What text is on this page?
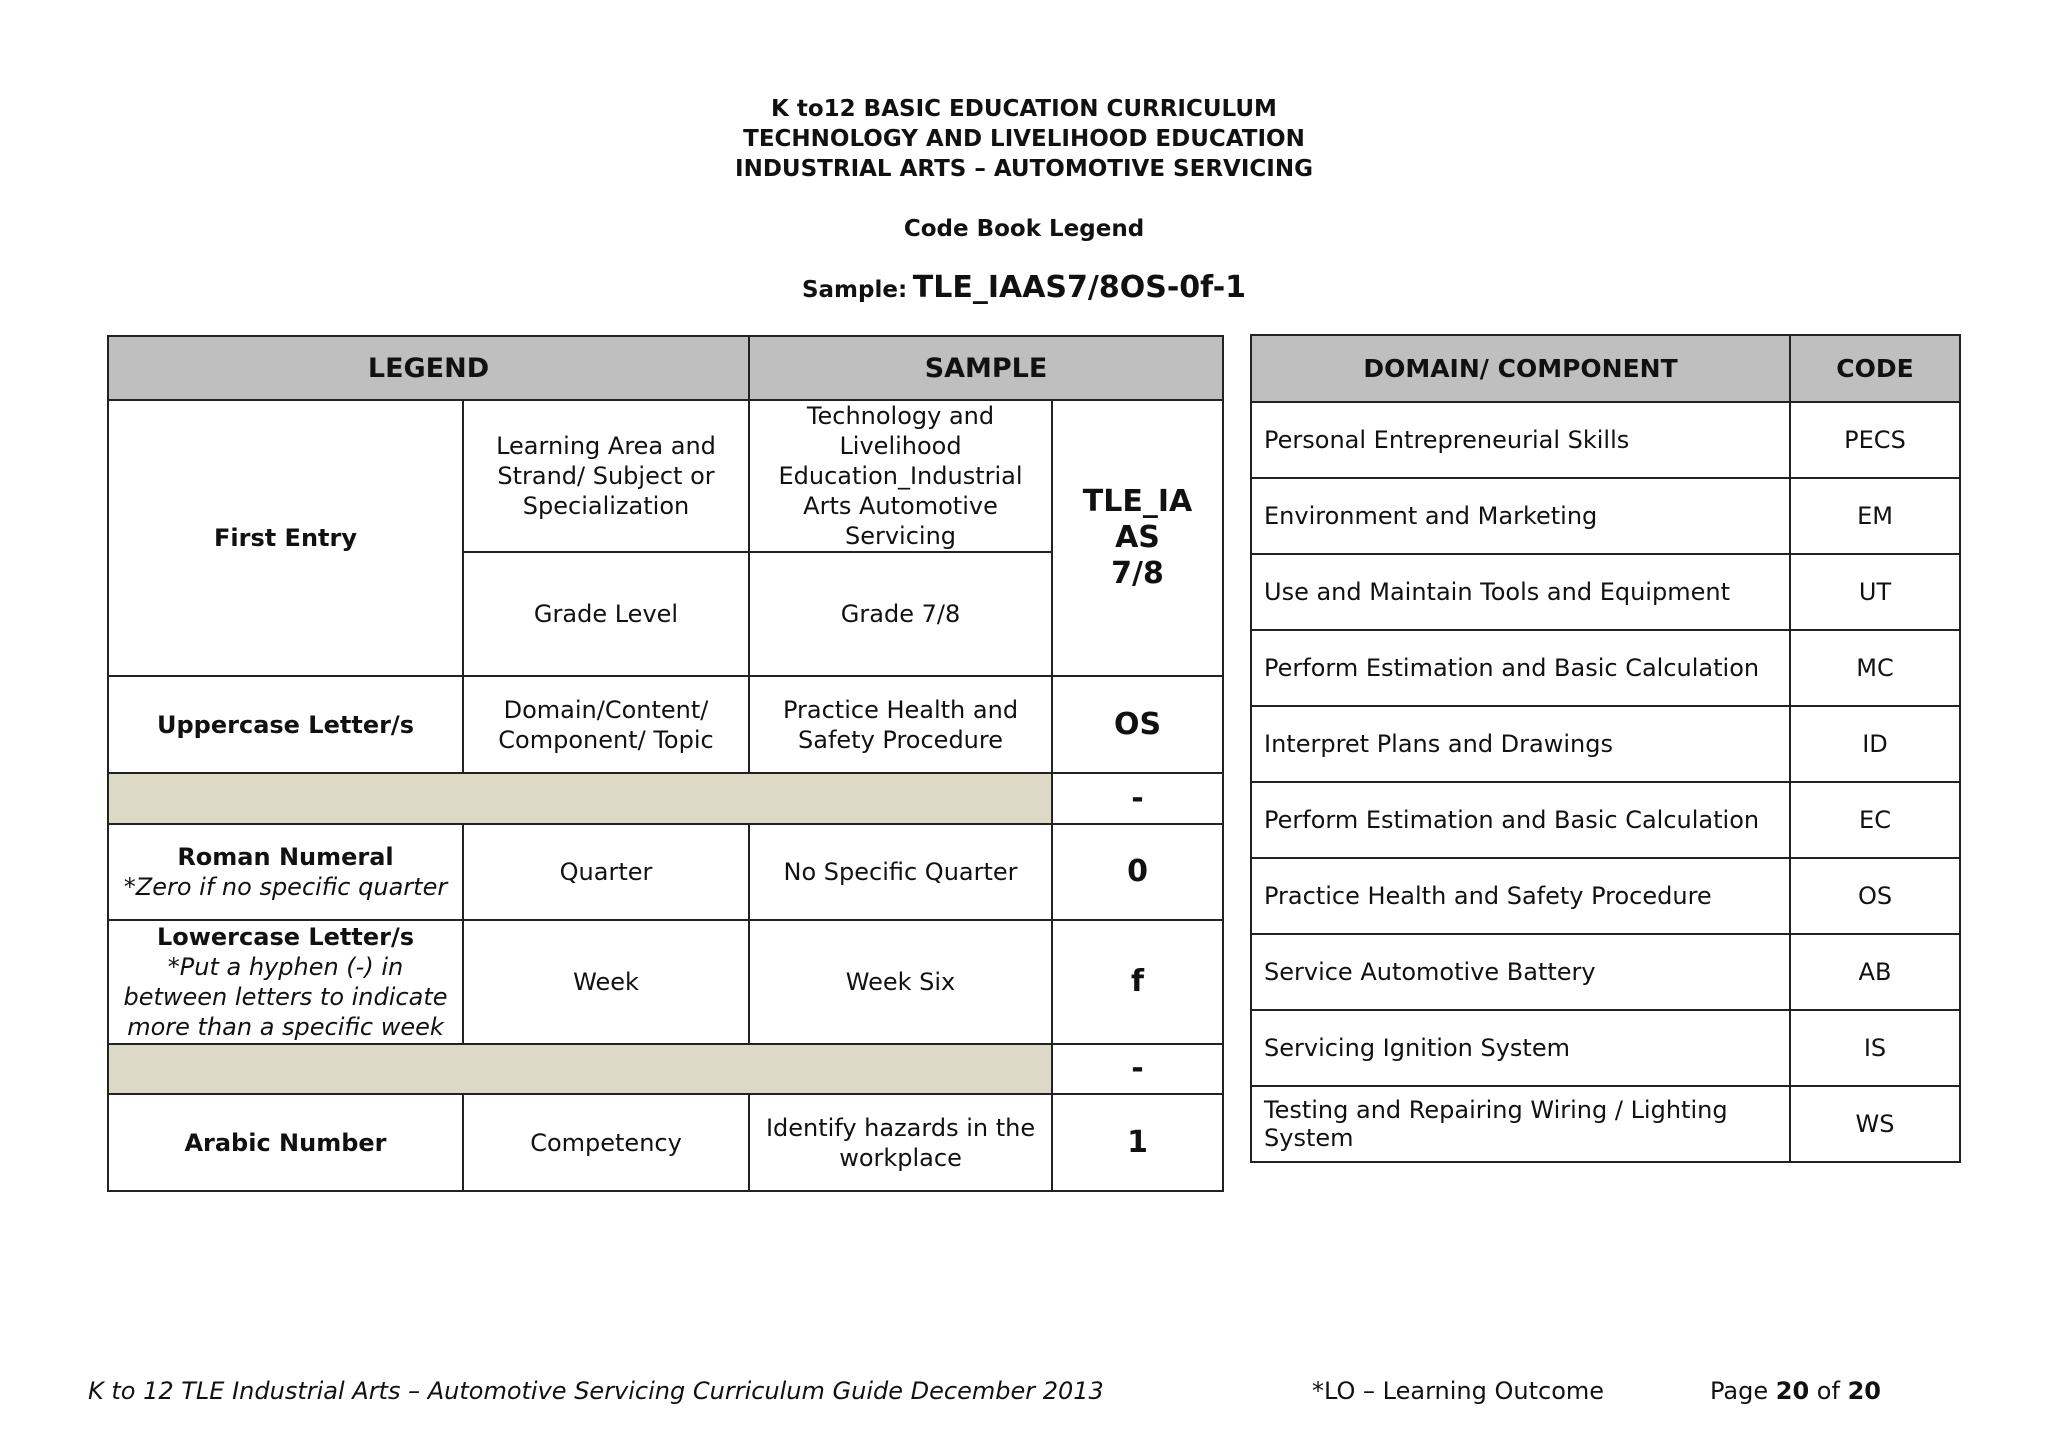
K to12 BASIC EDUCATION CURRICULUM
TECHNOLOGY AND LIVELIHOOD EDUCATION
INDUSTRIAL ARTS – AUTOMOTIVE SERVICING
Code Book Legend
Sample: TLE_IAAS7/8OS-0f-1
LEGEND		SAMPLE	
First Entry	Learning Area and Strand/ Subject or Specialization	Technology and Livelihood Education_Industrial Arts Automotive Servicing	TLE_IA
AS
7/8

	Grade Level	Grade 7/8	
Uppercase Letter/s	Domain/Content/ Component/ Topic	Practice Health and Safety Procedure	OS
			-

Roman Numeral
*Zero if no specific quarter	Quarter	No Specific Quarter	0

Lowercase Letter/s
*Put a hyphen (-) in between letters to indicate more than a specific week	Week	Week Six	f
			-
Arabic Number	Competency	Identify hazards in the workplace	1
DOMAIN/ COMPONENT	CODE
Personal Entrepreneurial Skills	PECS
Environment and Marketing	EM
Use and Maintain Tools and Equipment	UT
Perform Estimation and Basic Calculation	MC
Interpret Plans and Drawings	ID
Perform Estimation and Basic Calculation	EC
Practice Health and Safety Procedure	OS
Service Automotive Battery	AB
Servicing Ignition System	IS
Testing and Repairing Wiring / Lighting System	WS
K to 12 TLE Industrial Arts – Automotive Servicing Curriculum Guide December 2013	*LO – Learning Outcome	Page 20 of 20
